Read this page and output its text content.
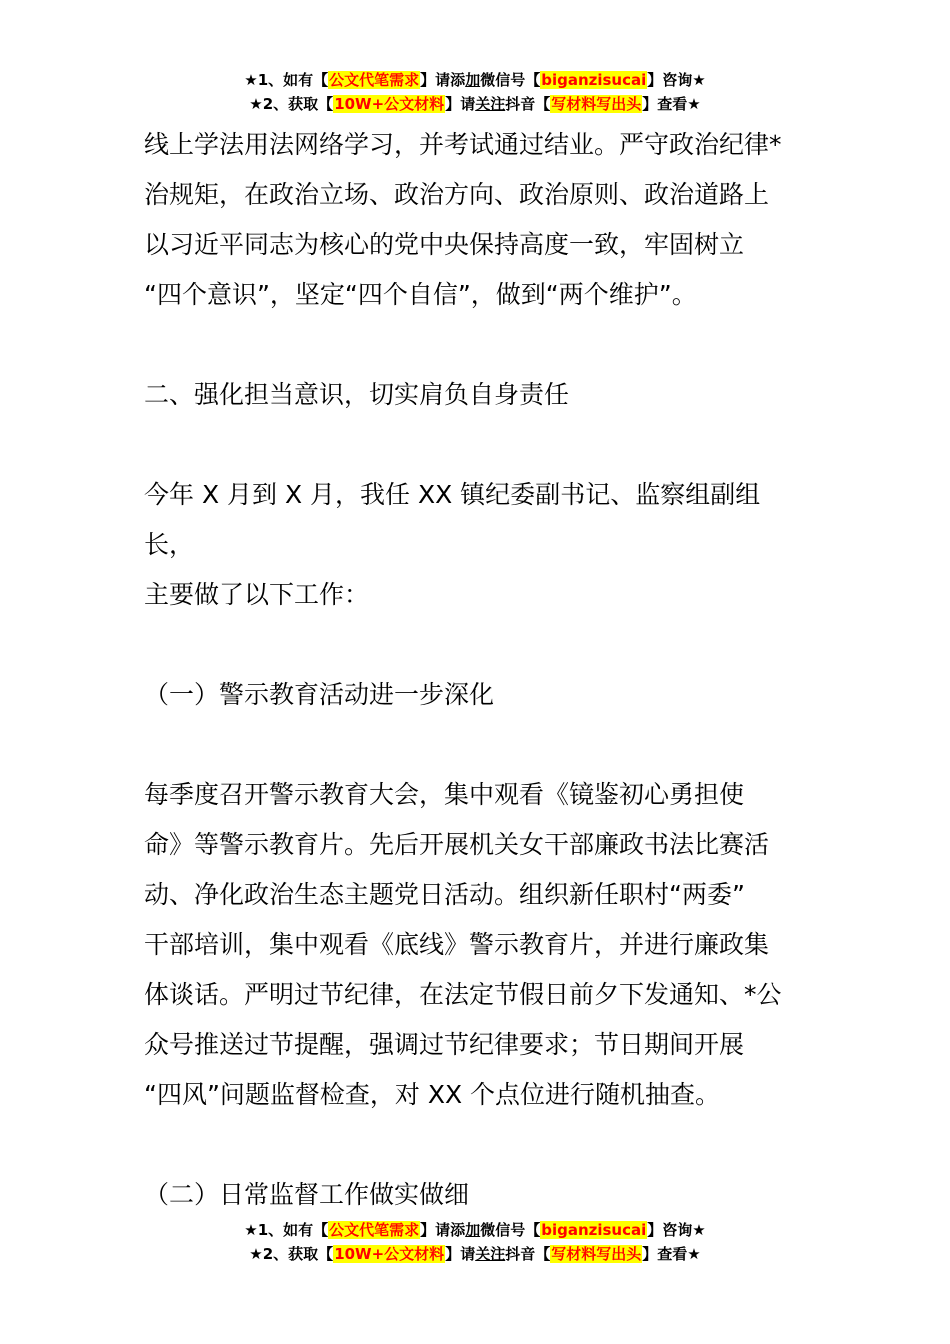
★1、如有【公文代笔需求】请添加微信号【biganzisucai】咨询★
★2、获取【10W+公文材料】请关注抖音【写材料写出头】查看★

线上学法用法网络学习，并考试通过结业。严守政治纪律*
治规矩，在政治立场、政治方向、政治原则、政治道路上
以习近平同志为核心的党中央保持高度一致，牢固树立
“四个意识”，坚定“四个自信”，做到“两个维护”。

二、强化担当意识，切实肩负自身责任

今年 X 月到 X 月，我任 XX 镇纪委副书记、监察组副组长，
主要做了以下工作：

（一）警示教育活动进一步深化

每季度召开警示教育大会，集中观看《镜鉴初心勇担使
命》等警示教育片。先后开展机关女干部廉政书法比赛活
动、净化政治生态主题党日活动。组织新任职村“两委”
干部培训，集中观看《底线》警示教育片，并进行廉政集
体谈话。严明过节纪律，在法定节假日前夕下发通知、*公
众号推送过节提醒，强调过节纪律要求；节日期间开展
“四风”问题监督检查，对 XX 个点位进行随机抽查。

（二）日常监督工作做实做细

★1、如有【公文代笔需求】请添加微信号【biganzisucai】咨询★
★2、获取【10W+公文材料】请关注抖音【写材料写出头】查看★
